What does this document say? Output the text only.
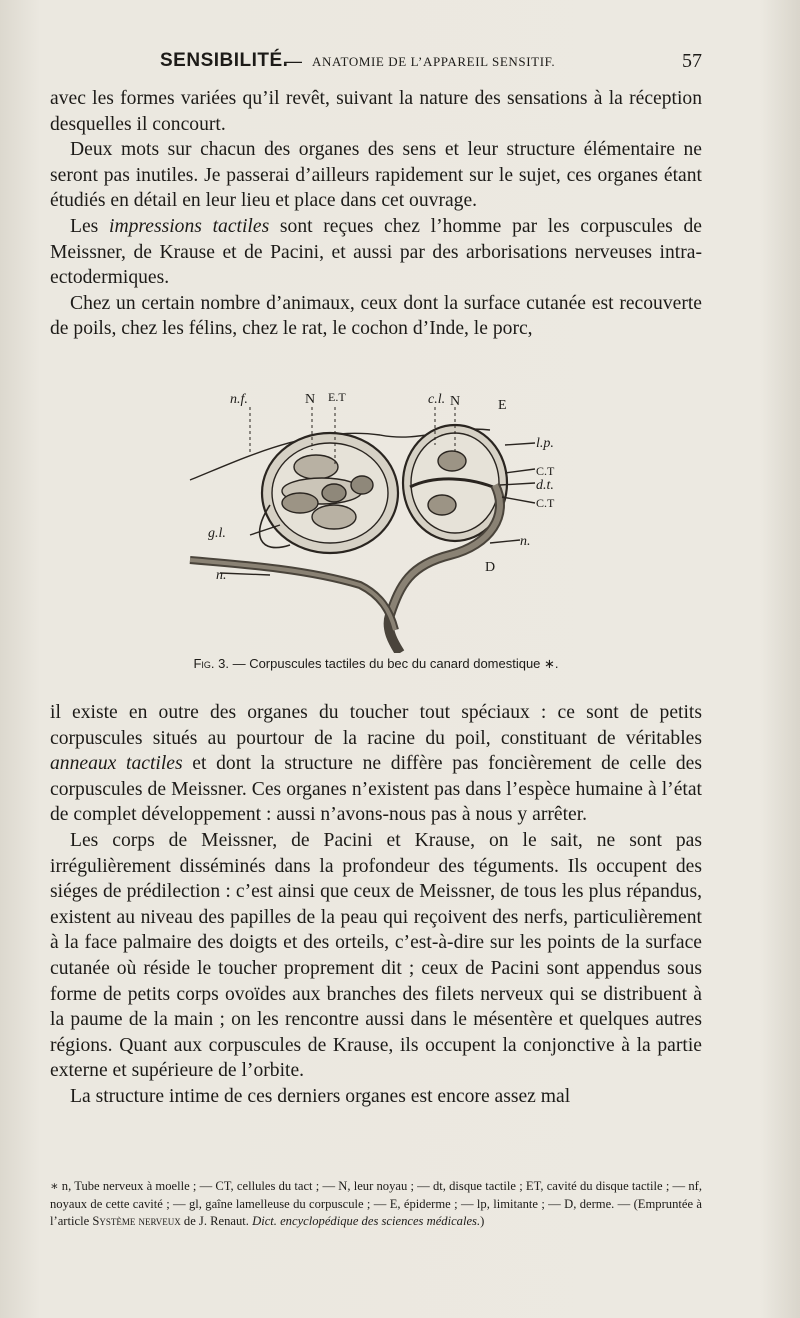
SENSIBILITÉ.
— ANATOMIE DE L’APPAREIL SENSITIF.	57

avec les formes variées qu’il revêt, suivant la nature des sensations à la réception desquelles il concourt.

Deux mots sur chacun des organes des sens et leur structure élémentaire ne seront pas inutiles. Je passerai d’ailleurs rapidement sur le sujet, ces organes étant étudiés en détail en leur lieu et place dans cet ouvrage.

Les impressions tactiles sont reçues chez l’homme par les corpuscules de Meissner, de Krause et de Pacini, et aussi par des arborisations nerveuses intra-ectodermiques.

Chez un certain nombre d’animaux, ceux dont la surface cutanée est recouverte de poils, chez les félins, chez le rat, le cochon d’Inde, le porc,

n.f.	N E.T	c.l. N	E
l.p.
C.T
d.t.
C.T
g.l.
n.
D
n.
Fig. 3. — Corpuscules tactiles du bec du canard domestique ∗.

il existe en outre des organes du toucher tout spéciaux : ce sont de petits corpuscules situés au pourtour de la racine du poil, constituant de véritables anneaux tactiles et dont la structure ne diffère pas foncièrement de celle des corpuscules de Meissner. Ces organes n’existent pas dans l’espèce humaine à l’état de complet développement : aussi n’avons-nous pas à nous y arrêter.

Les corps de Meissner, de Pacini et Krause, on le sait, ne sont pas irrégulièrement disséminés dans la profondeur des téguments. Ils occupent des siéges de prédilection : c’est ainsi que ceux de Meissner, de tous les plus répandus, existent au niveau des papilles de la peau qui reçoivent des nerfs, particulièrement à la face palmaire des doigts et des orteils, c’est-à-dire sur les points de la surface cutanée où réside le toucher proprement dit ; ceux de Pacini sont appendus sous forme de petits corps ovoïdes aux branches des filets nerveux qui se distribuent à la paume de la main ; on les rencontre aussi dans le mésentère et quelques autres régions. Quant aux corpuscules de Krause, ils occupent la conjonctive à la partie externe et supérieure de l’orbite.

La structure intime de ces derniers organes est encore assez mal

∗ n, Tube nerveux à moelle ; — CT, cellules du tact ; — N, leur noyau ; — dt, disque tactile ; ET, cavité du disque tactile ; — nf, noyaux de cette cavité ; — gl, gaîne lamelleuse du corpuscule ; — E, épiderme ; — lp, limitante ; — D, derme. — (Empruntée à l’article Système nerveux de J. Renaut. Dict. encyclopédique des sciences médicales.)
